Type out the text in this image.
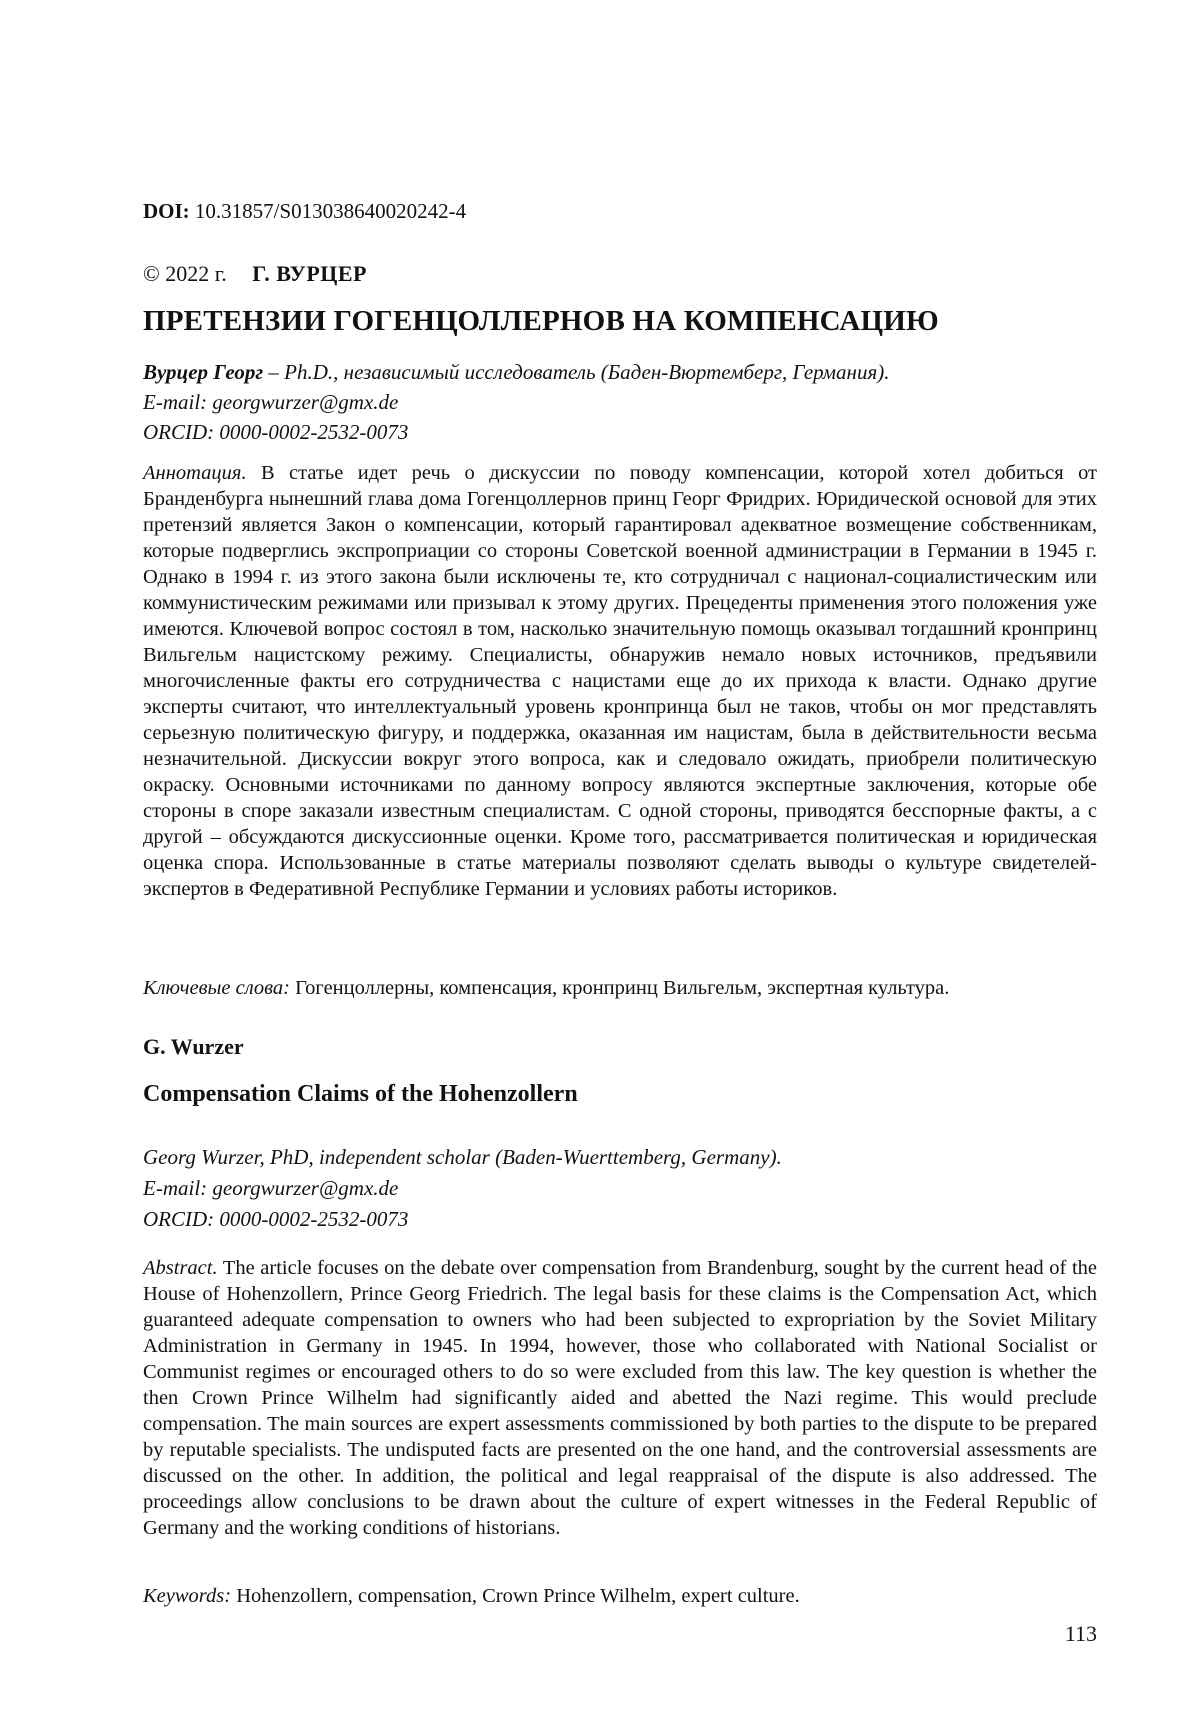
DOI: 10.31857/S013038640020242-4

© 2022 г. Г. ВУРЦЕР

ПРЕТЕНЗИИ ГОГЕНЦОЛЛЕРНОВ НА КОМПЕНСАЦИЮ

Вурцер Георг – Ph.D., независимый исследователь (Баден-Вюртемберг, Германия).

E-mail: georgwurzer@gmx.de

ORCID: 0000-0002-2532-0073

Аннотация. В статье идет речь о дискуссии по поводу компенсации, которой хотел добиться от Бранденбурга нынешний глава дома Гогенцоллернов принц Георг Фридрих. Юридической основой для этих претензий является Закон о компенсации, который гарантировал адекватное возмещение собственникам, которые подверглись экспроприации со стороны Советской военной администрации в Германии в 1945 г. Однако в 1994 г. из этого закона были исключены те, кто сотрудничал с национал-социалистическим или коммунистическим режимами или призывал к этому других. Прецеденты применения этого положения уже имеются. Ключевой вопрос состоял в том, насколько значительную помощь оказывал тогдашний кронпринц Вильгельм нацистскому режиму. Специалисты, обнаружив немало новых источников, предъявили многочисленные факты его сотрудничества с нацистами еще до их прихода к власти. Однако другие эксперты считают, что интеллектуальный уровень кронпринца был не таков, чтобы он мог представлять серьезную политическую фигуру, и поддержка, оказанная им нацистам, была в действительности весьма незначительной. Дискуссии вокруг этого вопроса, как и следовало ожидать, приобрели политическую окраску. Основными источниками по данному вопросу являются экспертные заключения, которые обе стороны в споре заказали известным специалистам. С одной стороны, приводятся бесспорные факты, а с другой – обсуждаются дискуссионные оценки. Кроме того, рассматривается политическая и юридическая оценка спора. Использованные в статье материалы позволяют сделать выводы о культуре свидетелей-экспертов в Федеративной Республике Германии и условиях работы историков.

Ключевые слова: Гогенцоллерны, компенсация, кронпринц Вильгельм, экспертная культура.

G. Wurzer
Compensation Claims of the Hohenzollern

Georg Wurzer, PhD, independent scholar (Baden-Wuerttemberg, Germany).

E-mail: georgwurzer@gmx.de

ORCID: 0000-0002-2532-0073

Abstract. The article focuses on the debate over compensation from Brandenburg, sought by the current head of the House of Hohenzollern, Prince Georg Friedrich. The legal basis for these claims is the Compensation Act, which guaranteed adequate compensation to owners who had been subjected to expropriation by the Soviet Military Administration in Germany in 1945. In 1994, however, those who collaborated with National Socialist or Communist regimes or encouraged others to do so were excluded from this law. The key question is whether the then Crown Prince Wilhelm had significantly aided and abetted the Nazi regime. This would preclude compensation. The main sources are expert assessments commissioned by both parties to the dispute to be prepared by reputable specialists. The undisputed facts are presented on the one hand, and the controversial assessments are discussed on the other. In addition, the political and legal reappraisal of the dispute is also addressed. The proceedings allow conclusions to be drawn about the culture of expert witnesses in the Federal Republic of Germany and the working conditions of historians.

Keywords: Hohenzollern, compensation, Crown Prince Wilhelm, expert culture.

113
